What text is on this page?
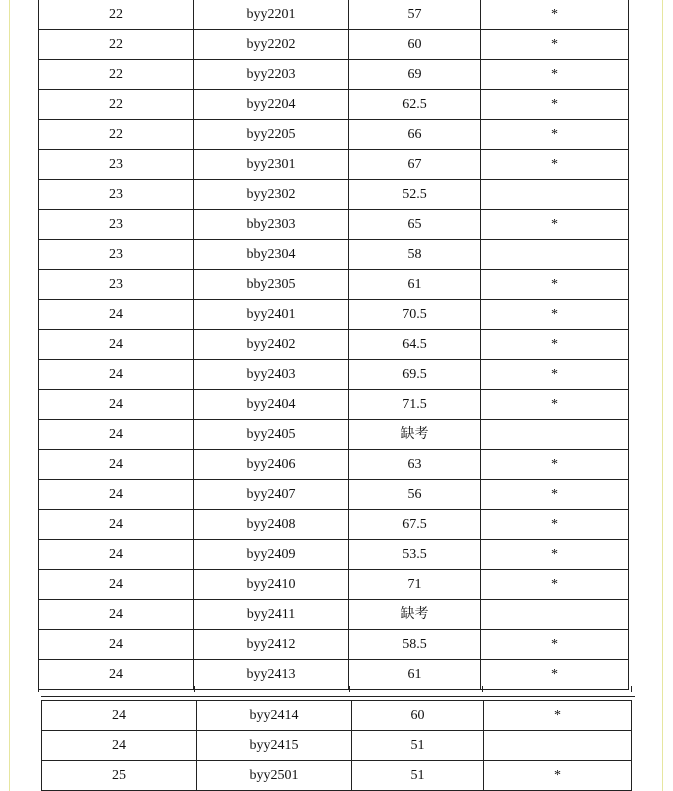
22	byy2201	57	*
22	byy2202	60	*
22	byy2203	69	*
22	byy2204	62.5	*
22	byy2205	66	*
23	byy2301	67	*
23	byy2302	52.5	
23	bby2303	65	*
23	bby2304	58	
23	bby2305	61	*
24	byy2401	70.5	*
24	byy2402	64.5	*
24	byy2403	69.5	*
24	byy2404	71.5	*
24	byy2405	缺考	
24	byy2406	63	*
24	byy2407	56	*
24	byy2408	67.5	*
24	byy2409	53.5	*
24	byy2410	71	*
24	byy2411	缺考	
24	byy2412	58.5	*
24	byy2413	61	*
24	byy2414	60	*
24	byy2415	51	
25	byy2501	51	*
